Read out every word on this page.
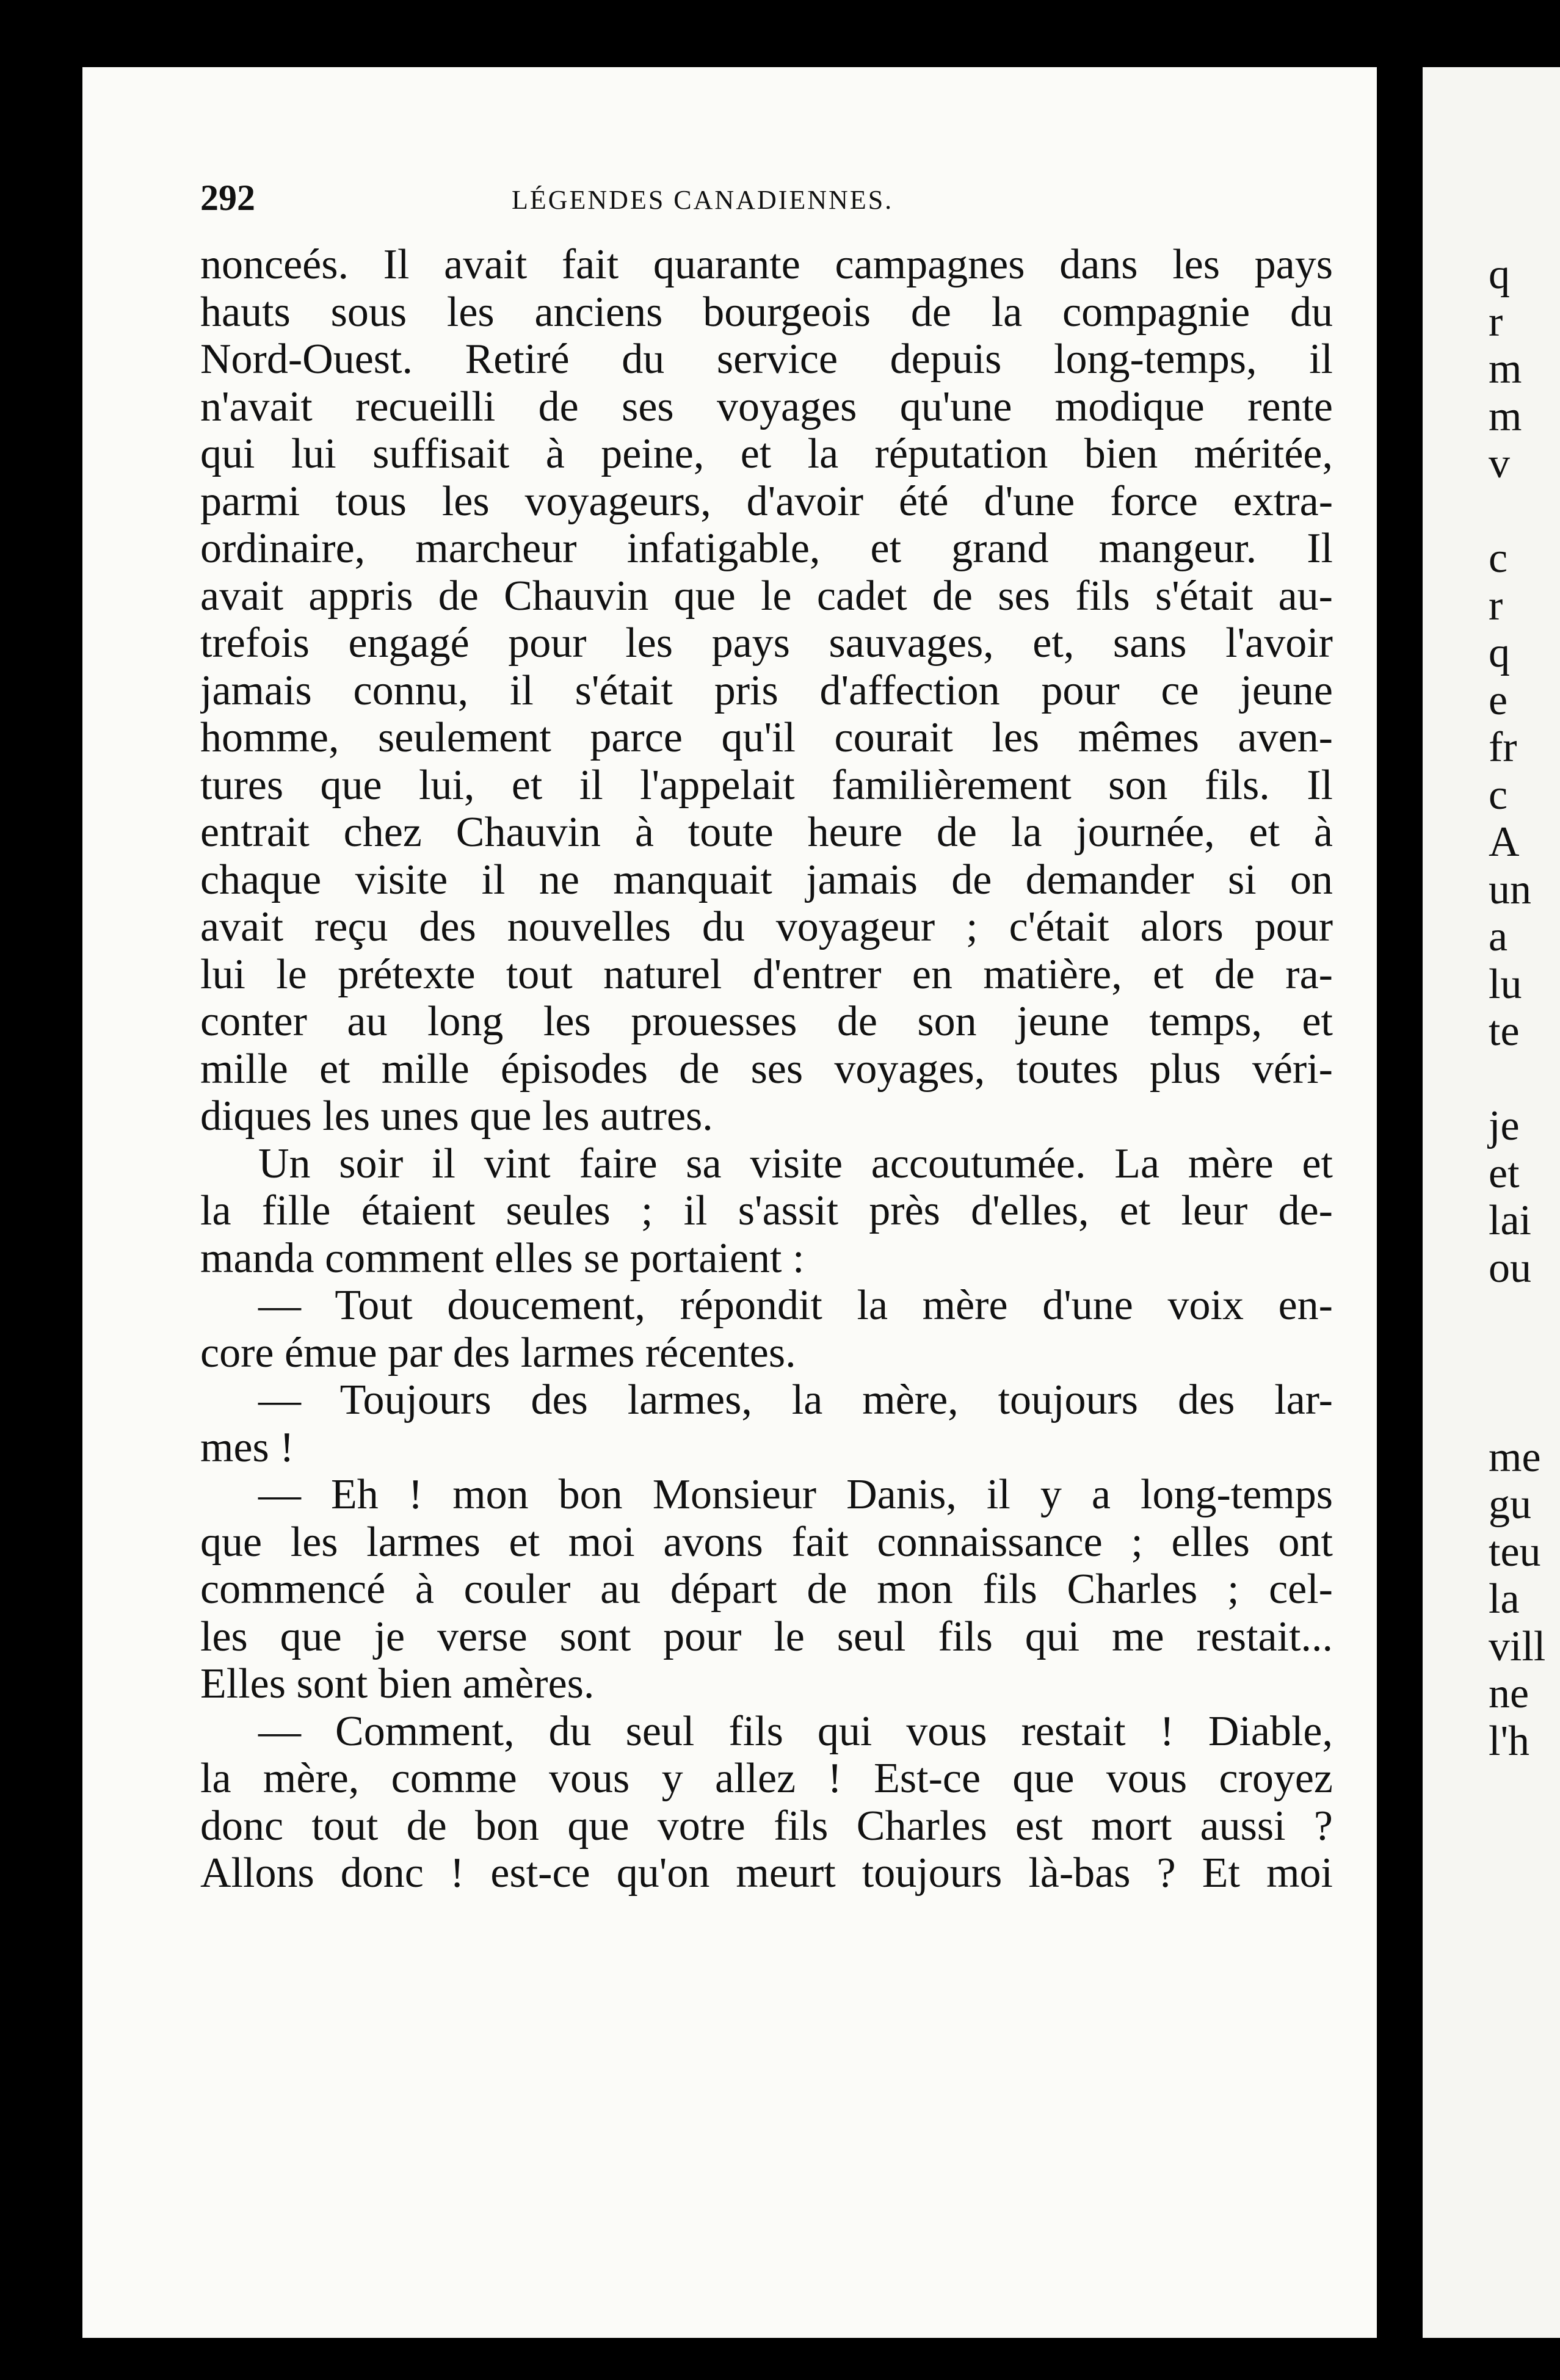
292	LÉGENDES CANADIENNES.
nonceés. Il avait fait quarante campagnes dans les pays
hauts sous les anciens bourgeois de la compagnie du
Nord-Ouest. Retiré du service depuis long-temps, il
n'avait recueilli de ses voyages qu'une modique rente
qui lui suffisait à peine, et la réputation bien méritée,
parmi tous les voyageurs, d'avoir été d'une force extra-
ordinaire, marcheur infatigable, et grand mangeur. Il
avait appris de Chauvin que le cadet de ses fils s'était au-
trefois engagé pour les pays sauvages, et, sans l'avoir
jamais connu, il s'était pris d'affection pour ce jeune
homme, seulement parce qu'il courait les mêmes aven-
tures que lui, et il l'appelait familièrement son fils. Il
entrait chez Chauvin à toute heure de la journée, et à
chaque visite il ne manquait jamais de demander si on
avait reçu des nouvelles du voyageur ; c'était alors pour
lui le prétexte tout naturel d'entrer en matière, et de ra-
conter au long les prouesses de son jeune temps, et
mille et mille épisodes de ses voyages, toutes plus véri-
diques les unes que les autres.
Un soir il vint faire sa visite accoutumée. La mère et
la fille étaient seules ; il s'assit près d'elles, et leur de-
manda comment elles se portaient :
— Tout doucement, répondit la mère d'une voix en-
core émue par des larmes récentes.
— Toujours des larmes, la mère, toujours des lar-
mes !
— Eh ! mon bon Monsieur Danis, il y a long-temps
que les larmes et moi avons fait connaissance ; elles ont
commencé à couler au départ de mon fils Charles ; cel-
les que je verse sont pour le seul fils qui me restait...
Elles sont bien amères.
— Comment, du seul fils qui vous restait ! Diable,
la mère, comme vous y allez ! Est-ce que vous croyez
donc tout de bon que votre fils Charles est mort aussi ?
Allons donc ! est-ce qu'on meurt toujours là-bas ? Et moi
q
r
m
m
v
c
r
q
e
fr
c
A
un
a
lu
te
je
et
lai
ou
me
gu
teu
la
vill
ne
l'h
